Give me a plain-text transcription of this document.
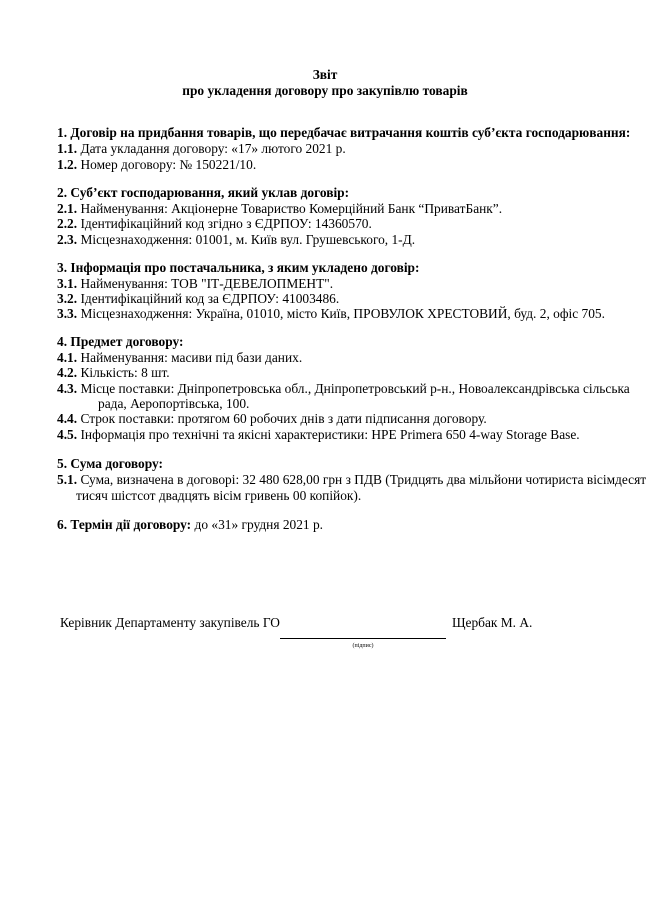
Звіт
про укладення договору про закупівлю товарів
1. Договір на придбання товарів, що передбачає витрачання коштів суб’єкта господарювання:
1.1. Дата укладання договору: «17» лютого 2021 р.
1.2. Номер договору: № 150221/10.
2. Суб’єкт господарювання, який уклав договір:
2.1. Найменування: Акціонерне Товариство Комерційний Банк “ПриватБанк”.
2.2. Ідентифікаційний код згідно з ЄДРПОУ: 14360570.
2.3. Місцезнаходження: 01001, м. Київ вул. Грушевського, 1-Д.
3. Інформація про постачальника, з яким укладено договір:
3.1. Найменування: ТОВ "ІТ-ДЕВЕЛОПМЕНТ".
3.2. Ідентифікаційний код за ЄДРПОУ: 41003486.
3.3. Місцезнаходження: Україна, 01010, місто Київ, ПРОВУЛОК ХРЕСТОВИЙ, буд. 2, офіс 705.
4. Предмет договору:
4.1. Найменування: масиви під бази даних.
4.2. Кількість: 8 шт.
4.3. Місце поставки: Дніпропетровська обл., Дніпропетровський р-н., Новоалександрівська сільська
рада, Аеропортівська, 100.
4.4. Строк поставки: протягом 60 робочих днів з дати підписання договору.
4.5. Інформація про технічні та якісні характеристики: HPE Primera 650 4-way Storage Base.
5. Сума договору:
5.1. Сума, визначена в договорі: 32 480 628,00 грн з ПДВ (Тридцять два мільйони чотириста вісімдесят
тисяч шістсот двадцять вісім гривень 00 копійок).
6. Термін дії договору: до «31» грудня 2021 р.
Керівник Департаменту закупівель ГО	Щербак М. А.
(підпис)
